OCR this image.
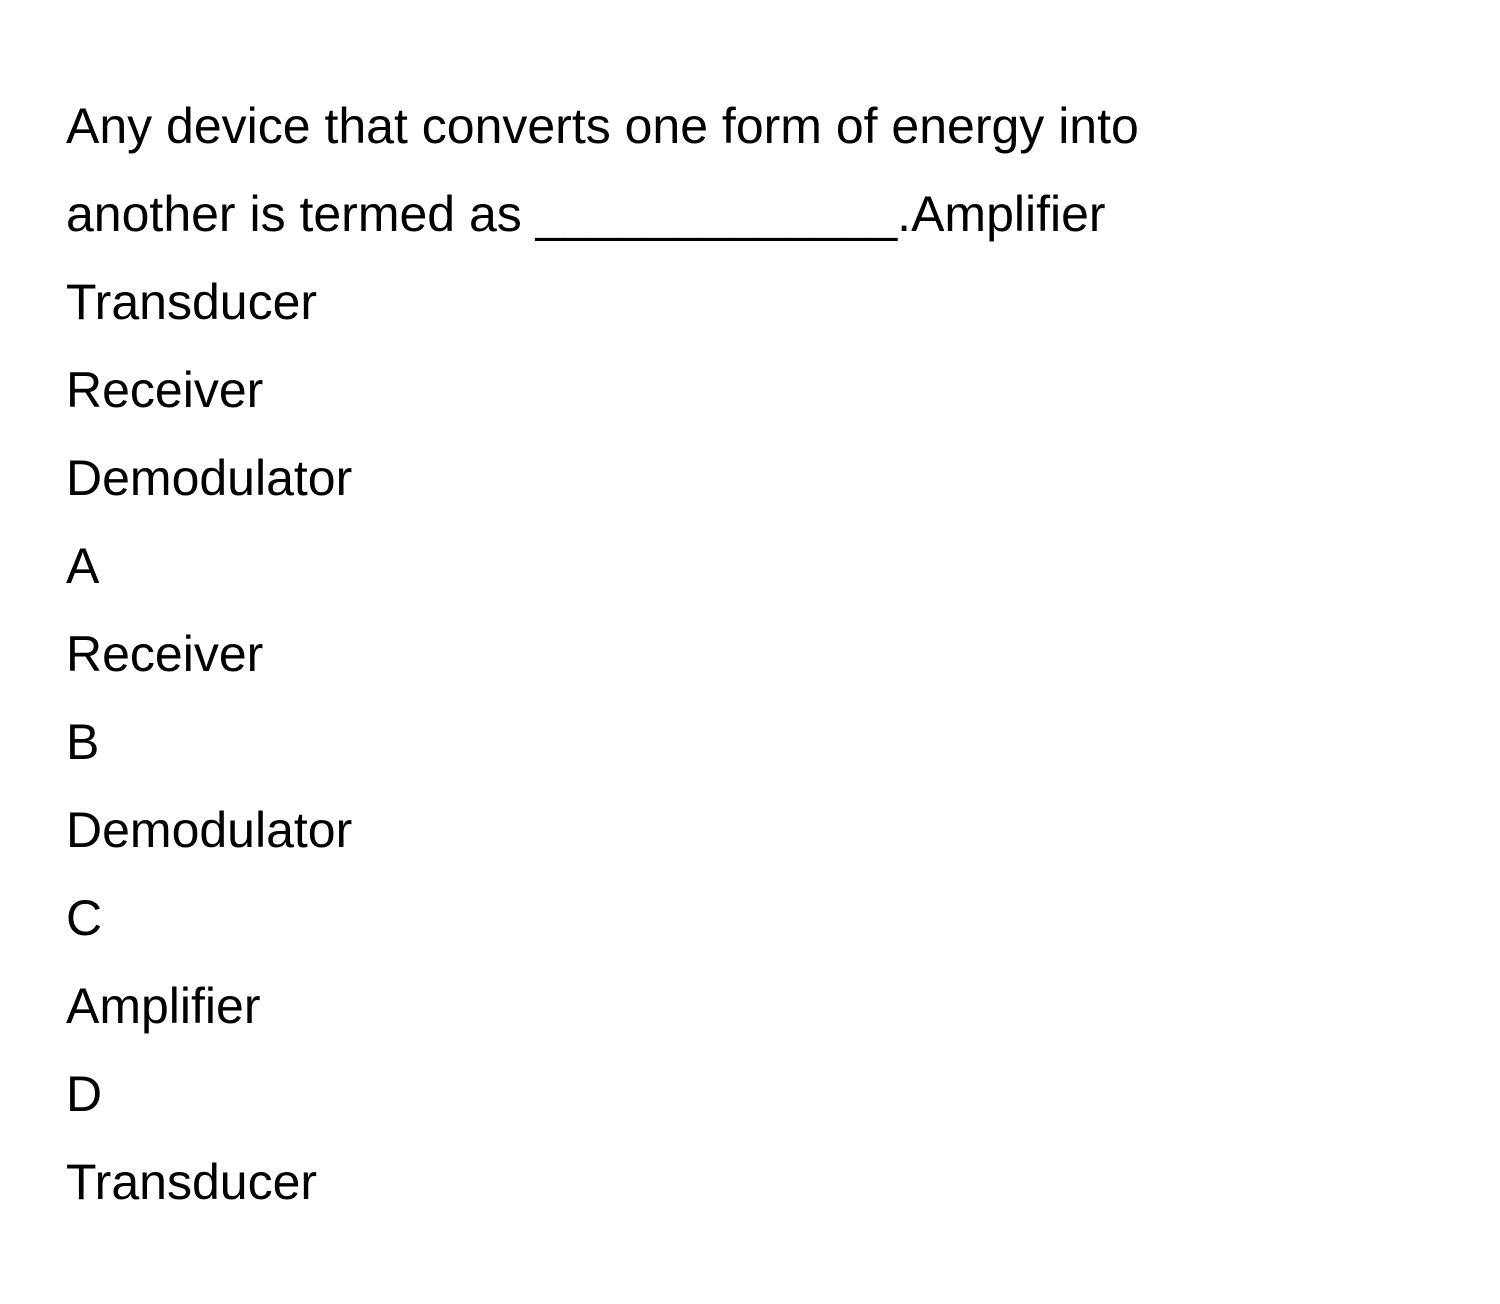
Any device that converts one form of energy into
another is termed as _____________.Amplifier
Transducer
Receiver
Demodulator
A
Receiver
B
Demodulator
C
Amplifier
D
Transducer
